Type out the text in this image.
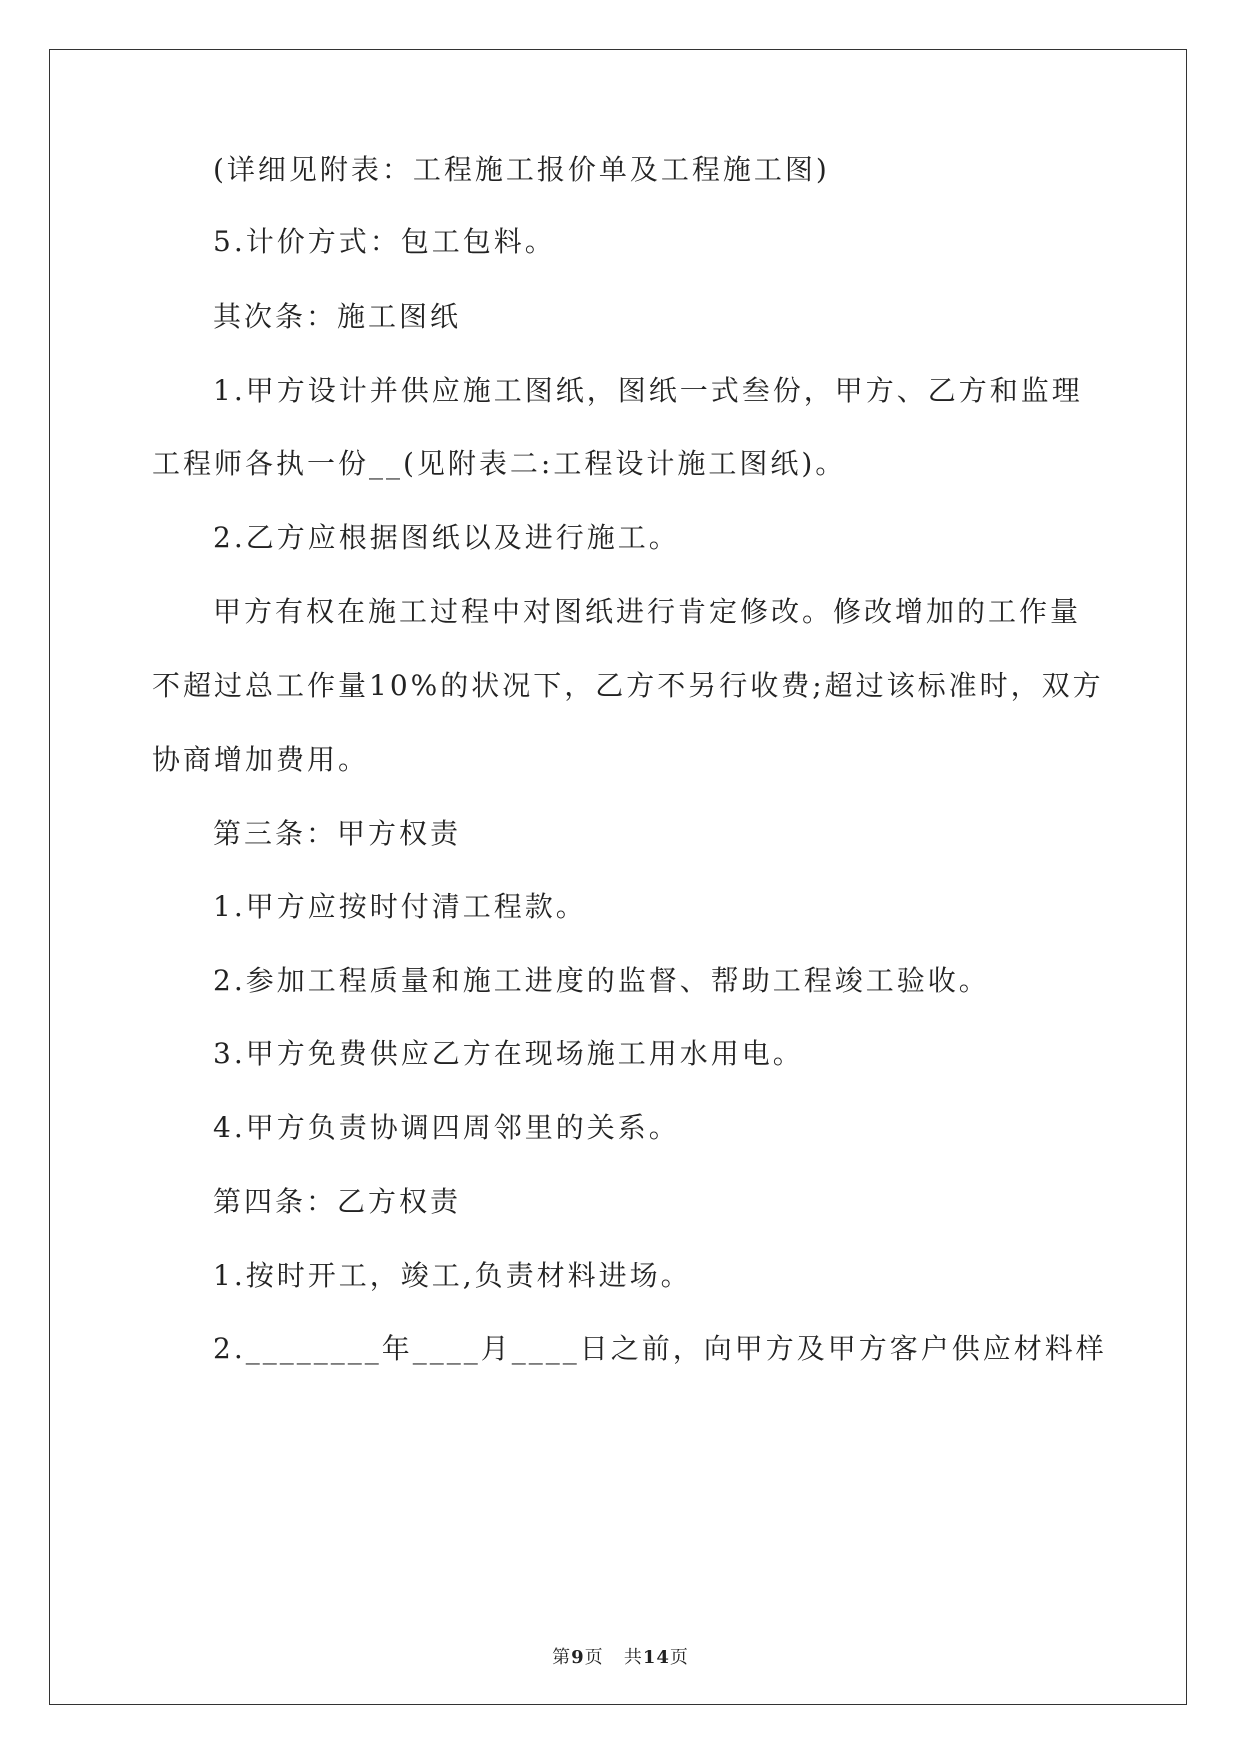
(详细见附表：工程施工报价单及工程施工图)
5.计价方式：包工包料。
其次条：施工图纸
1.甲方设计并供应施工图纸，图纸一式叁份，甲方、乙方和监理
工程师各执一份__(见附表二:工程设计施工图纸)。
2.乙方应根据图纸以及进行施工。
甲方有权在施工过程中对图纸进行肯定修改。修改增加的工作量
不超过总工作量10%的状况下，乙方不另行收费;超过该标准时，双方
协商增加费用。
第三条：甲方权责
1.甲方应按时付清工程款。
2.参加工程质量和施工进度的监督、帮助工程竣工验收。
3.甲方免费供应乙方在现场施工用水用电。
4.甲方负责协调四周邻里的关系。
第四条：乙方权责
1.按时开工，竣工,负责材料进场。
2.________年____月____日之前，向甲方及甲方客户供应材料样
第9页 共14页
